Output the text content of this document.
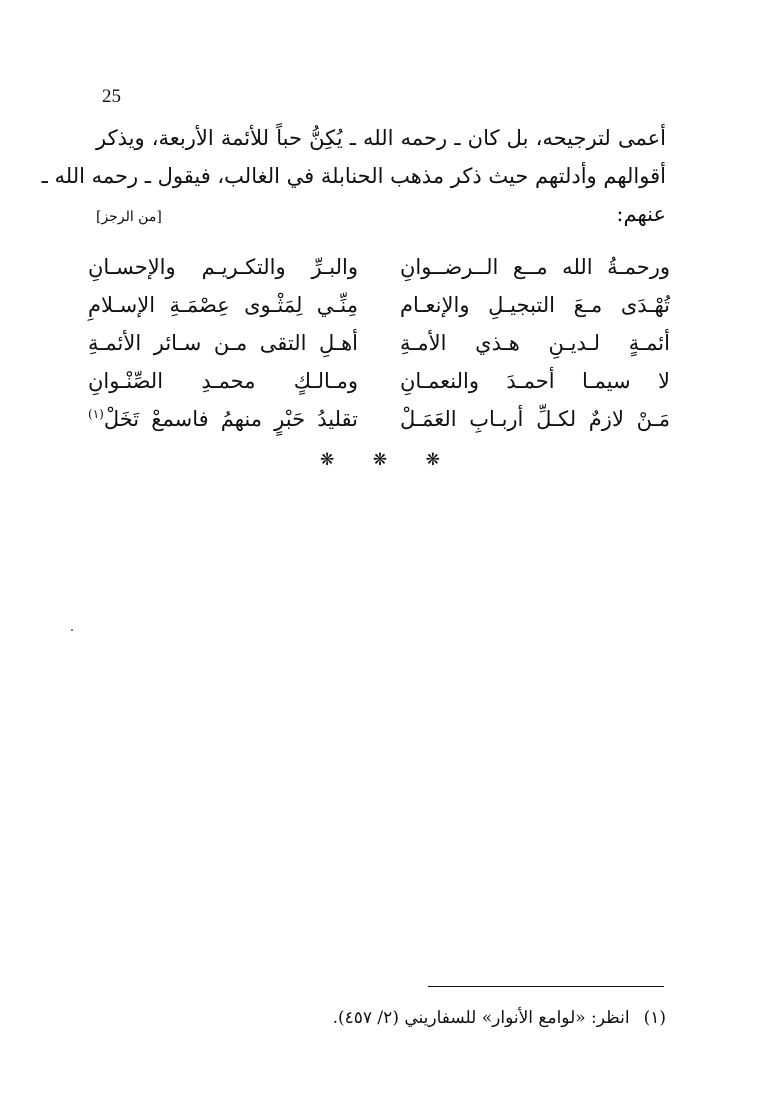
25
أعمى لترجيحه، بل كان ـ رحمه الله ـ يُكِنُّ حباً للأئمة الأربعة، ويذكر
أقوالهم وأدلتهم حيث ذكر مذهب الحنابلة في الغالب، فيقول ـ رحمه الله ـ
عنهم:
[من الرجز]
ورحمـةُ الله مــع الــرضــوانِ
والبـرِّ والتكـريـم والإحسـانِ
تُهْـدَى مـعَ التبجيـلِ والإنعـام
مِنِّـي لِمَثْـوى عِصْمَـةِ الإسـلامِ
أئمـةٍ لـديـنِ هـذي الأمـةِ
أهـلِ التقى مـن سـائر الأئمـةِ
لا سيمـا أحمـدَ والنعمـانِ
ومـالـكٍ محمـدِ الصِّنْـوانِ
مَـنْ لازمٌ لكـلِّ أربـابِ العَمَـلْ
تقليدُ حَبْرٍ منهمُ فاسمعْ تَخَلْ$^{(١)}$
❋ ❋ ❋
(١)انظر: «لوامع الأنوار» للسفاريني (٢/ ٤٥٧).
